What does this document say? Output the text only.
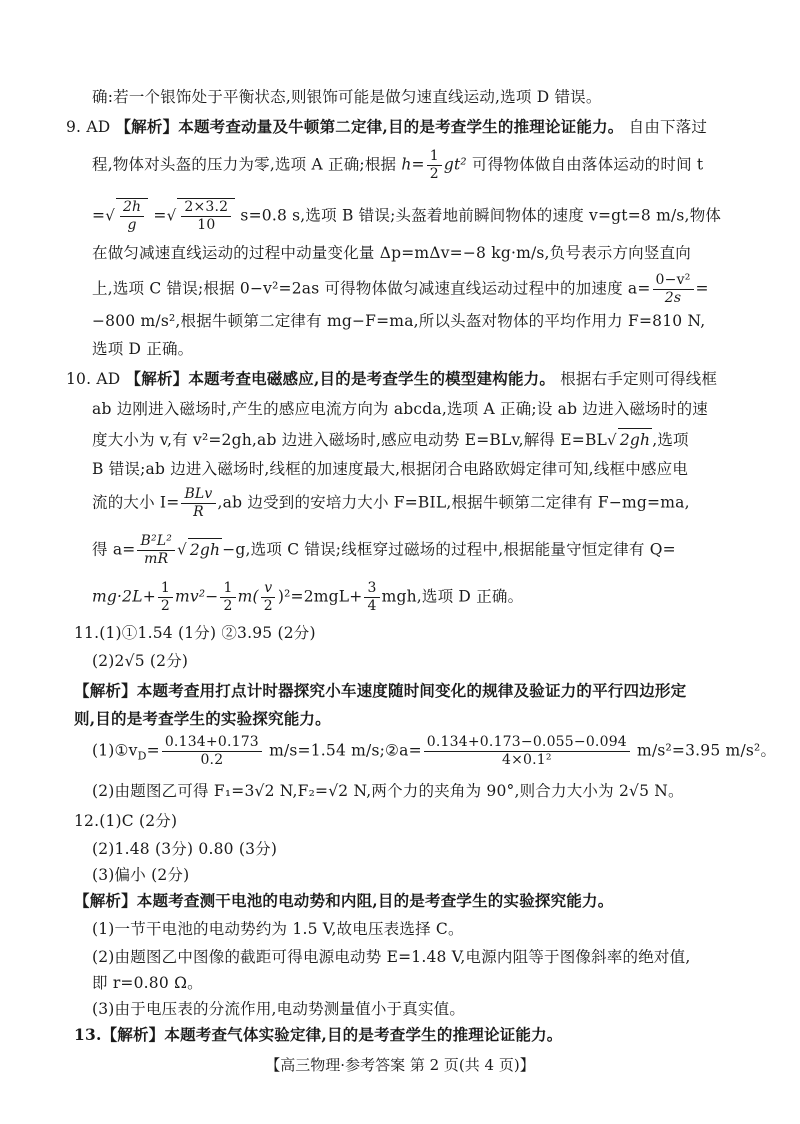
确:若一个银饰处于平衡状态,则银饰可能是做匀速直线运动,选项 D 错误。
9. AD 【解析】本题考查动量及牛顿第二定律,目的是考查学生的推理论证能力。 自由下落过
程,物体对头盔的压力为零,选项 A 正确;根据 $h= \frac{1}{2} gt^2$ 可得物体做自由落体运动的时间 t
=√ $\frac{2h}{g}$ =√ $\frac{2\times 3.2}{10} s=0.8$ s,选项 B 错误;头盔着地前瞬间物体的速度 v=gt=8 m/s,物体
在做匀减速直线运动的过程中动量变化量 Δp=mΔv=−8 kg·m/s,负号表示方向竖直向
上,选项 C 错误;根据 0−v²=2as 可得物体做匀减速直线运动过程中的加速度 $a= \frac{\text{0−v²}}{2s}$ =
−800 m/s²,根据牛顿第二定律有 mg−F=ma,所以头盔对物体的平均作用力 F=810 N,
选项 D 正确。
10. AD 【解析】本题考查电磁感应,目的是考查学生的模型建构能力。 根据右手定则可得线框
ab 边刚进入磁场时,产生的感应电流方向为 abcda,选项 A 正确;设 ab 边进入磁场时的速
度大小为 v,有 v²=2gh,ab 边进入磁场时,感应电动势 E=BLv,解得 E=BL√ 2gh ,选项
B 错误;ab 边进入磁场时,线框的加速度最大,根据闭合电路欧姆定律可知,线框中感应电
流的大小 $I= \frac{\text{BLv}}{R} ,ab$ 边受到的安培力大小 F=BIL,根据牛顿第二定律有 F−mg=ma,
得 $a= \frac{\text{B²L²}}{mR}$ √ 2gh −g,选项 C 错误;线框穿过磁场的过程中,根据能量守恒定律有 Q=
$mg\cdot 2L+ \frac{1}{2} mv^2- \frac{1}{2} m( \frac{v}{2} )^2=2mgL+ \frac{3}{4}$ mgh,选项 D 正确。
11.(1)①1.54 (1分) ②3.95 (2分)
(2)2√5 (2分)
【解析】本题考查用打点计时器探究小车速度随时间变化的规律及验证力的平行四边形定
则,目的是考查学生的实验探究能力。
$(1)①v_D= \frac{0.134+0.173}{0.2} m/s=1.54$ m/s;②a= $\frac{0.134+0.173-0.055-0.094}{\text{4×0.1²}} m/s^2=3.95$ m/s²。
(2)由题图乙可得 F₁=3√2 N,F₂=√2 N,两个力的夹角为 90°,则合力大小为 2√5 N。
12.(1)C (2分)
(2)1.48 (3分) 0.80 (3分)
(3)偏小 (2分)
【解析】本题考查测干电池的电动势和内阻,目的是考查学生的实验探究能力。
(1)一节干电池的电动势约为 1.5 V,故电压表选择 C。
(2)由题图乙中图像的截距可得电源电动势 E=1.48 V,电源内阻等于图像斜率的绝对值,
即 r=0.80 Ω。
(3)由于电压表的分流作用,电动势测量值小于真实值。
13.【解析】本题考查气体实验定律,目的是考查学生的推理论证能力。
【高三物理·参考答案 第 2 页(共 4 页)】
